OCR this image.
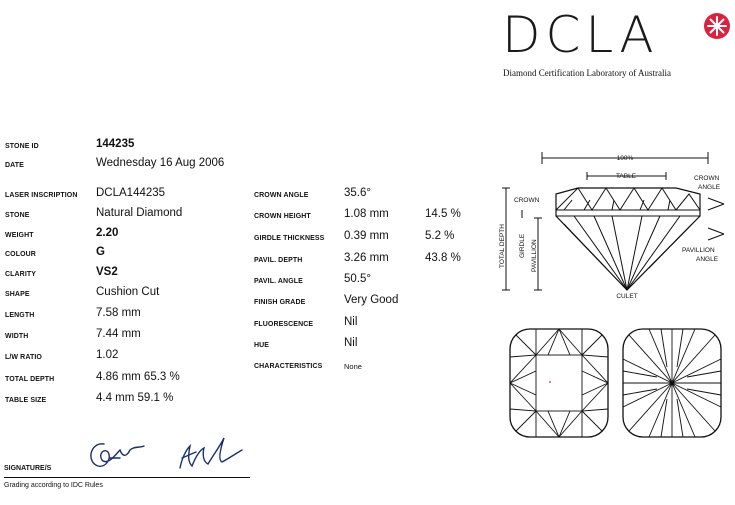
DCLA
Diamond Certification Laboratory of Australia
STONE ID	144235
DATE	Wednesday 16 Aug 2006
LASER INSCRIPTION DCLA144235
STONE	Natural Diamond
WEIGHT	2.20
COLOUR	G
CLARITY	VS2
SHAPE	Cushion Cut
LENGTH	7.58 mm
WIDTH	7.44 mm
L/W RATIO	1.02
TOTAL DEPTH	4.86 mm 65.3 %
TABLE SIZE	4.4 mm 59.1 %
CROWN ANGLE	35.6°
CROWN HEIGHT	1.08 mm	14.5 %
GIRDLE THICKNESS 0.39 mm	5.2 %
PAVIL. DEPTH	3.26 mm	43.8 %
PAVIL. ANGLE	50.5°
FINISH GRADE	Very Good
FLUORESCENCE	Nil
HUE	Nil
CHARACTERISTICS	None
100%
TABLE	CROWN
ANGLE
CROWN
PAVILLION
ANGLE
CULET
TOTAL DEPTH GIRDLE PAVILLION
SIGNATURE/S
Grading according to IDC Rules
